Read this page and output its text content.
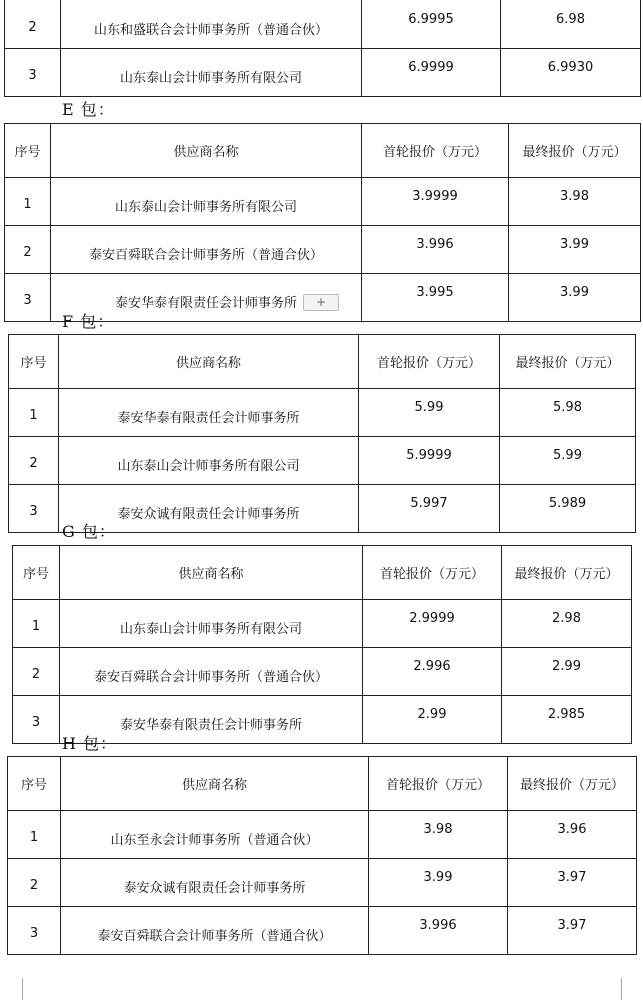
2	山东和盛联合会计师事务所（普通合伙）	6.9995	6.98
3	山东泰山会计师事务所有限公司	6.9999	6.9930
E 包：
序号	供应商名称	首轮报价（万元）	最终报价（万元）
1	山东泰山会计师事务所有限公司	3.9999	3.98
2	泰安百舜联合会计师事务所（普通合伙）	3.996	3.99
3	泰安华泰有限责任会计师事务所	3.995	3.99
+
F 包：
序号	供应商名称	首轮报价（万元）	最终报价（万元）
1	泰安华泰有限责任会计师事务所	5.99	5.98
2	山东泰山会计师事务所有限公司	5.9999	5.99
3	泰安众诚有限责任会计师事务所	5.997	5.989
G 包：
序号	供应商名称	首轮报价（万元）	最终报价（万元）
1	山东泰山会计师事务所有限公司	2.9999	2.98
2	泰安百舜联合会计师事务所（普通合伙）	2.996	2.99
3	泰安华泰有限责任会计师事务所	2.99	2.985
H 包：
序号	供应商名称	首轮报价（万元）	最终报价（万元）
1	山东至永会计师事务所（普通合伙）	3.98	3.96
2	泰安众诚有限责任会计师事务所	3.99	3.97
3	泰安百舜联合会计师事务所（普通合伙）	3.996	3.97
